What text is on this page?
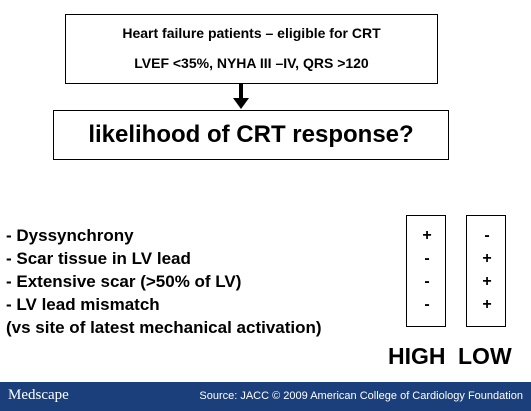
Heart failure patients – eligible for CRT
LVEF <35%, NYHA III –IV, QRS >120
likelihood of CRT response?
- Dyssynchrony
- Scar tissue in LV lead
- Extensive scar (>50% of LV)
- LV lead mismatch
(vs site of latest mechanical activation)
+
-
-
-
-
+
+
+
HIGH LOW
Medscape	Source: JACC © 2009 American College of Cardiology Foundation
